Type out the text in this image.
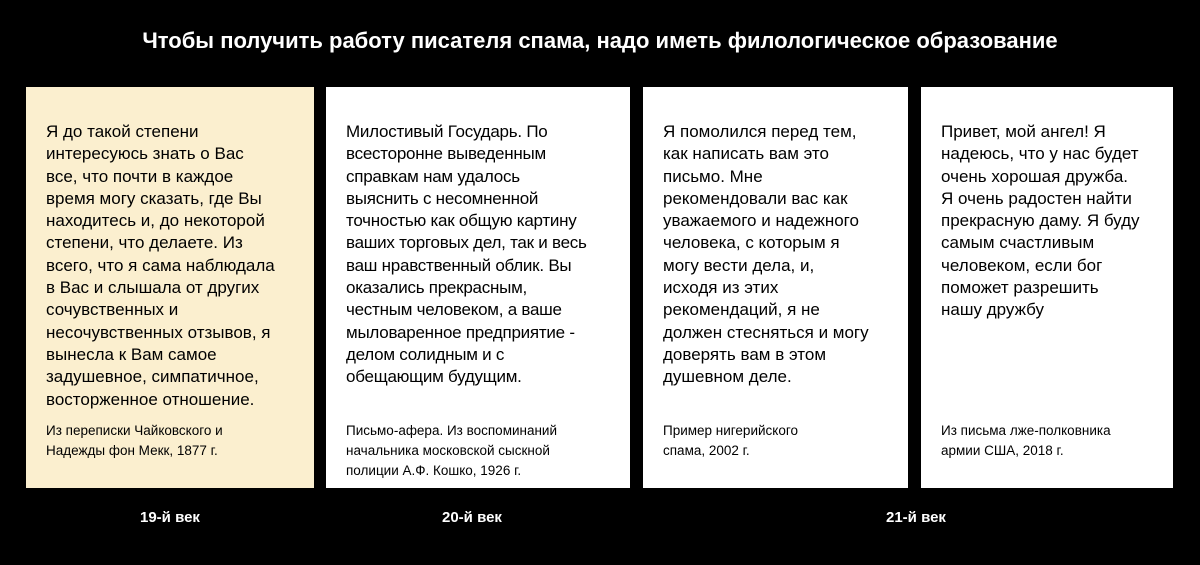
Чтобы получить работу писателя спама, надо иметь филологическое образование

Я до такой степени
интересуюсь знать о Вас
все, что почти в каждое
время могу сказать, где Вы
находитесь и, до некоторой
степени, что делаете. Из
всего, что я сама наблюдала
в Вас и слышала от других
сочувственных и
несочувственных отзывов, я
вынесла к Вам самое
задушевное, симпатичное,
восторженное отношение.

Из переписки Чайковского и
Надежды фон Мекк, 1877 г.

Милостивый Государь. По
всесторонне выведенным
справкам нам удалось
выяснить с несомненной
точностью как общую картину
ваших торговых дел, так и весь
ваш нравственный облик. Вы
оказались прекрасным,
честным человеком, а ваше
мыловаренное предприятие -
делом солидным и с
обещающим будущим.

Письмо-афера. Из воспоминаний
начальника московской сыскной
полиции А.Ф. Кошко, 1926 г.

Я помолился перед тем,
как написать вам это
письмо. Мне
рекомендовали вас как
уважаемого и надежного
человека, с которым я
могу вести дела, и,
исходя из этих
рекомендаций, я не
должен стесняться и могу
доверять вам в этом
душевном деле.

Пример нигерийского
спама, 2002 г.

Привет, мой ангел! Я
надеюсь, что у нас будет
очень хорошая дружба.
Я очень радостен найти
прекрасную даму. Я буду
самым счастливым
человеком, если бог
поможет разрешить
нашу дружбу

Из письма лже-полковника
армии США, 2018 г.

19-й век	20-й век	21-й век
